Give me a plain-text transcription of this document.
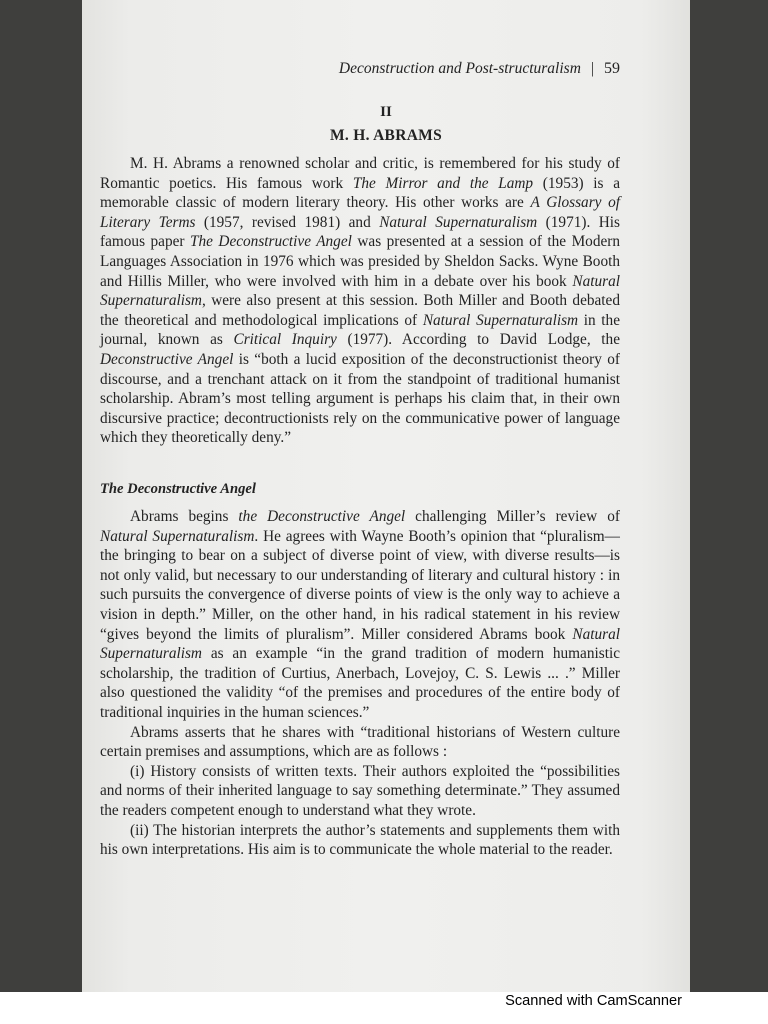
Deconstruction and Post-structuralism | 59
II
M. H. ABRAMS

M. H. Abrams a renowned scholar and critic, is remembered for his study of Romantic poetics. His famous work The Mirror and the Lamp (1953) is a memorable classic of modern literary theory. His other works are A Glossary of Literary Terms (1957, revised 1981) and Natural Supernaturalism (1971). His famous paper The Deconstructive Angel was presented at a session of the Modern Languages Association in 1976 which was presided by Sheldon Sacks. Wyne Booth and Hillis Miller, who were involved with him in a debate over his book Natural Supernaturalism, were also present at this session. Both Miller and Booth debated the theoretical and methodological implications of Natural Supernaturalism in the journal, known as Critical Inquiry (1977). According to David Lodge, the Deconstructive Angel is “both a lucid exposition of the deconstructionist theory of discourse, and a trenchant attack on it from the standpoint of traditional humanist scholarship. Abram’s most telling argument is perhaps his claim that, in their own discursive practice; decontructionists rely on the communicative power of language which they theoretically deny.”

The Deconstructive Angel

Abrams begins the Deconstructive Angel challenging Miller’s review of Natural Supernaturalism. He agrees with Wayne Booth’s opinion that “pluralism—the bringing to bear on a subject of diverse point of view, with diverse results—is not only valid, but necessary to our understanding of literary and cultural history : in such pursuits the convergence of diverse points of view is the only way to achieve a vision in depth.” Miller, on the other hand, in his radical statement in his review “gives beyond the limits of pluralism”. Miller considered Abrams book Natural Supernaturalism as an example “in the grand tradition of modern humanistic scholarship, the tradition of Curtius, Anerbach, Lovejoy, C. S. Lewis ... .” Miller also questioned the validity “of the premises and procedures of the entire body of traditional inquiries in the human sciences.”

Abrams asserts that he shares with “traditional historians of Western culture certain premises and assumptions, which are as follows :

(i) History consists of written texts. Their authors exploited the “possibilities and norms of their inherited language to say something determinate.” They assumed the readers competent enough to understand what they wrote.

(ii) The historian interprets the author’s statements and supplements them with his own interpretations. His aim is to communicate the whole material to the reader.

Scanned with CamScanner
